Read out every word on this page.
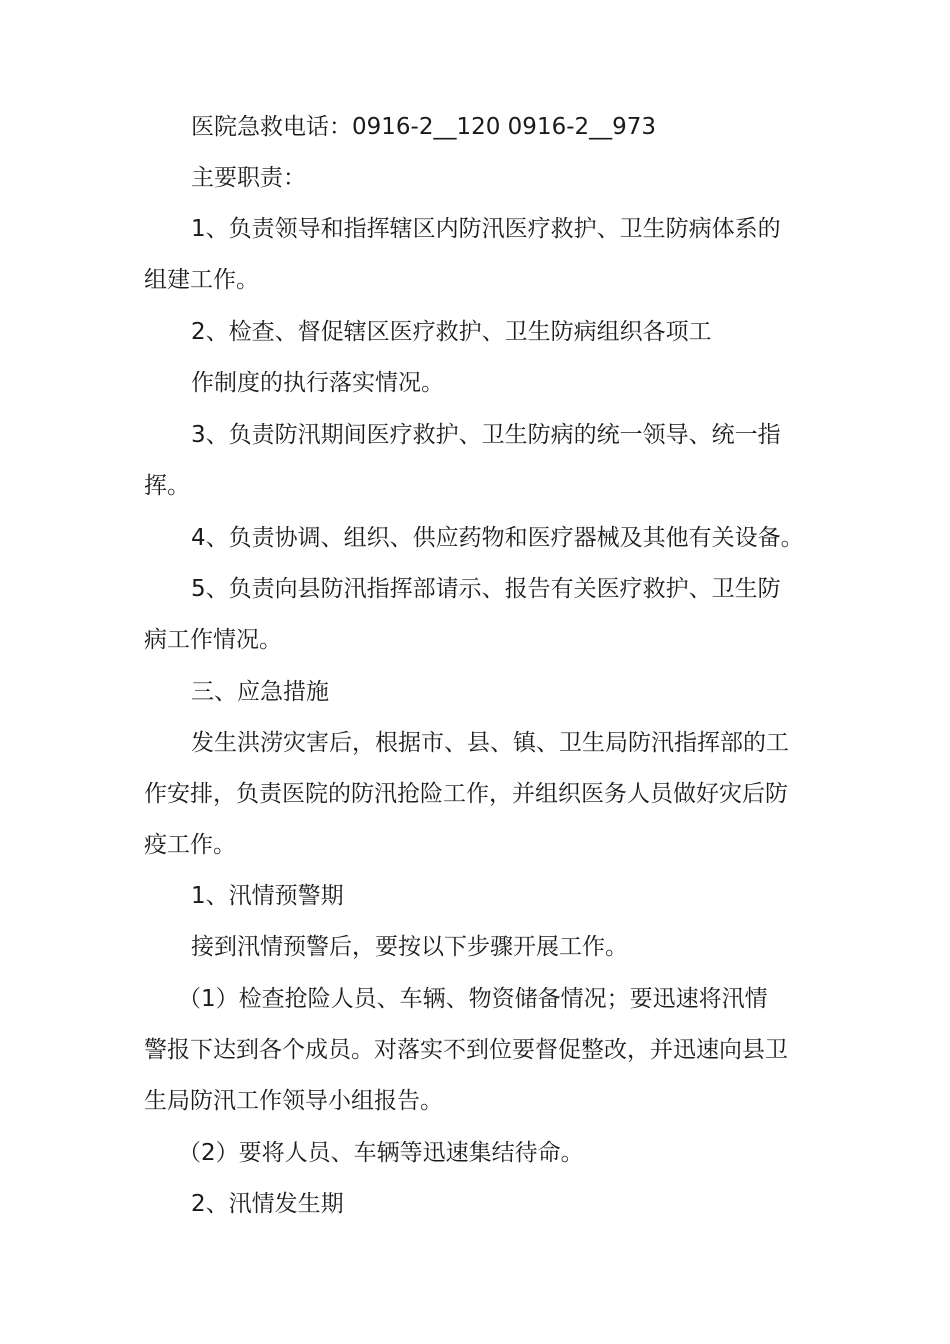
医院急救电话：0916-2__120 0916-2__973

主要职责：

1、负责领导和指挥辖区内防汛医疗救护、卫生防病体系的

组建工作。

2、检查、督促辖区医疗救护、卫生防病组织各项工

作制度的执行落实情况。

3、负责防汛期间医疗救护、卫生防病的统一领导、统一指

挥。

4、负责协调、组织、供应药物和医疗器械及其他有关设备。

5、负责向县防汛指挥部请示、报告有关医疗救护、卫生防

病工作情况。

三、应急措施

发生洪涝灾害后，根据市、县、镇、卫生局防汛指挥部的工

作安排，负责医院的防汛抢险工作，并组织医务人员做好灾后防

疫工作。

1、汛情预警期

接到汛情预警后，要按以下步骤开展工作。

（1）检查抢险人员、车辆、物资储备情况；要迅速将汛情

警报下达到各个成员。对落实不到位要督促整改，并迅速向县卫

生局防汛工作领导小组报告。

（2）要将人员、车辆等迅速集结待命。

2、汛情发生期
